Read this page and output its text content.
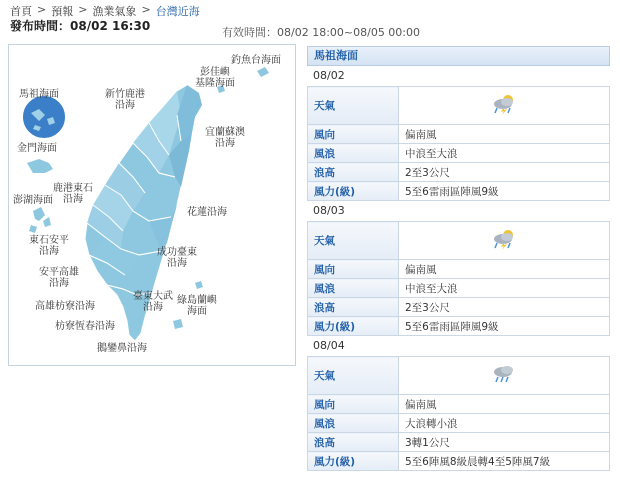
首頁 > 預報 > 漁業氣象 > 台灣近海
發布時間：08/02 16:30	有效時間：08/02 18:00~08/05 00:00
釣魚台海面
彭佳嶼
基隆海面
馬祖海面	新竹鹿港
沿海
宜蘭蘇澳
沿海
金門海面
鹿港東石
沿海
澎湖海面
花蓮沿海
東石安平
沿海	成功臺東
沿海
安平高雄
沿海
臺東大武
沿海
綠島蘭嶼
海面
高雄枋寮沿海
枋寮恆春沿海
鵝鑾鼻沿海
馬祖海面
08/02
天氣	
風向	偏南風
風浪	中浪至大浪
浪高	2至3公尺
風力(級)	5至6雷雨區陣風9級
08/03
天氣	
風向	偏南風
風浪	中浪至大浪
浪高	2至3公尺
風力(級)	5至6雷雨區陣風9級
08/04
天氣	
風向	偏南風
風浪	大浪轉小浪
浪高	3轉1公尺
風力(級)	5至6陣風8級晨轉4至5陣風7級
